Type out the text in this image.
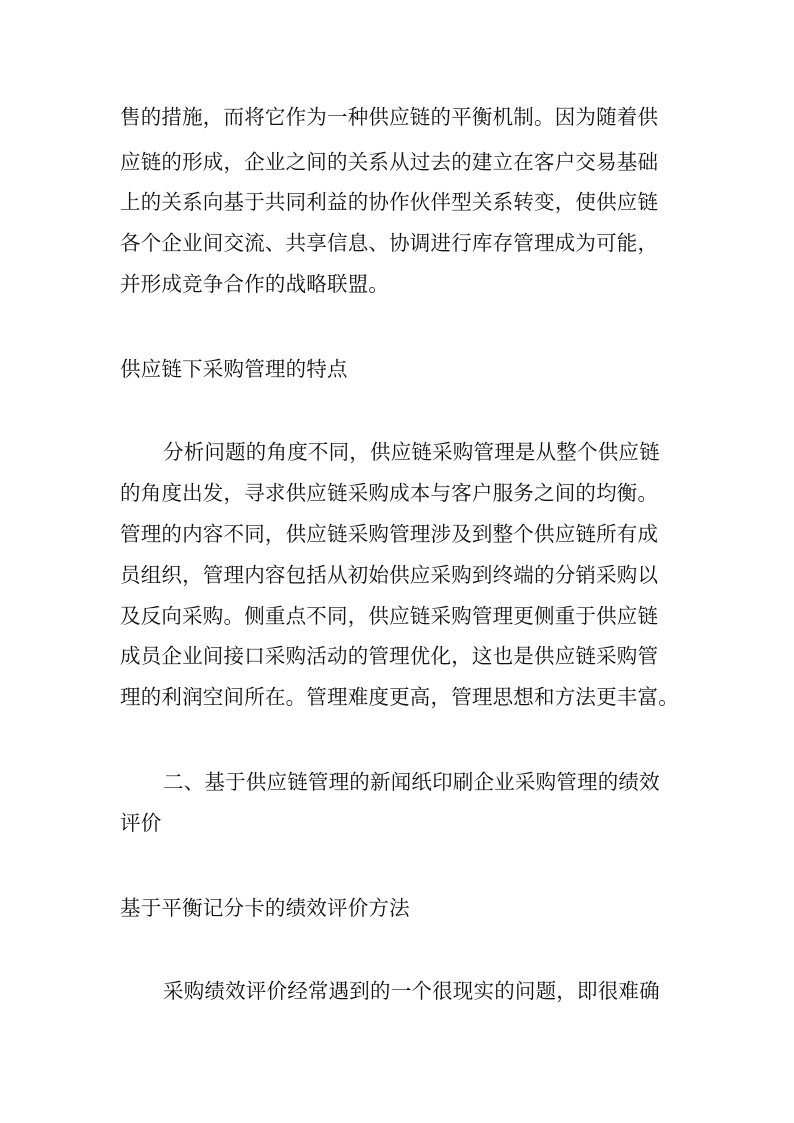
售的措施，而将它作为一种供应链的平衡机制。因为随着供
应链的形成，企业之间的关系从过去的建立在客户交易基础
上的关系向基于共同利益的协作伙伴型关系转变，使供应链
各个企业间交流、共享信息、协调进行库存管理成为可能，
并形成竞争合作的战略联盟。
供应链下采购管理的特点
分析问题的角度不同，供应链采购管理是从整个供应链
的角度出发，寻求供应链采购成本与客户服务之间的均衡。
管理的内容不同，供应链采购管理涉及到整个供应链所有成
员组织，管理内容包括从初始供应采购到终端的分销采购以
及反向采购。侧重点不同，供应链采购管理更侧重于供应链
成员企业间接口采购活动的管理优化，这也是供应链采购管
理的利润空间所在。管理难度更高，管理思想和方法更丰富。
二、基于供应链管理的新闻纸印刷企业采购管理的绩效
评价
基于平衡记分卡的绩效评价方法
采购绩效评价经常遇到的一个很现实的问题，即很难确
